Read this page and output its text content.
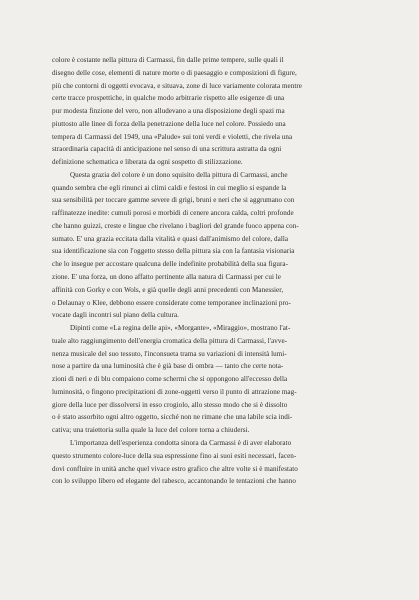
colore è costante nella pittura di Carmassi, fin dalle prime tempere, sulle quali il
disegno delle cose, elementi di nature morte o di paesaggio e composizioni di figure,
più che contorni di oggetti evocava, e situava, zone di luce variamente colorata mentre
certe tracce prospettiche, in qualche modo arbitrarie rispetto alle esigenze di una
pur modesta finzione del vero, non alludevano a una disposizione degli spazi ma
piuttosto alle linee di forza della penetrazione della luce nel colore. Possiedo una
tempera di Carmassi del 1949, una «Palude» sui toni verdi e violetti, che rivela una
straordinaria capacità di anticipazione nel senso di una scrittura astratta da ogni
definizione schematica e liberata da ogni sospetto di stilizzazione.
Questa grazia del colore è un dono squisito della pittura di Carmassi, anche
quando sembra che egli rinunci ai climi caldi e festosi in cui meglio si espande la
sua sensibilità per toccare gamme severe di grigi, bruni e neri che si aggrumano con
raffinatezze inedite: cumuli porosi e morbidi di cenere ancora calda, coltri profonde
che hanno guizzi, creste e lingue che rivelano i bagliori del grande fuoco appena con-
sumato. E' una grazia eccitata dalla vitalità e quasi dall'animismo del colore, dalla
sua identificazione sia con l'oggetto stesso della pittura sia con la fantasia visionaria
che lo insegue per accostare qualcuna delle indefinite probabilità della sua figura-
zione. E' una forza, un dono affatto pertinente alla natura di Carmassi per cui le
affinità con Gorky e con Wols, e già quelle degli anni precedenti con Manessier,
o Delaunay o Klee, debbono essere considerate come temporanee inclinazioni pro-
vocate dagli incontri sul piano della cultura.
Dipinti come «La regina delle api», «Morgante», «Miraggio», mostrano l'at-
tuale alto raggiungimento dell'energia cromatica della pittura di Carmassi, l'avve-
nenza musicale del suo tessuto, l'inconsueta trama su variazioni di intensità lumi-
nose a partire da una luminosità che è già base di ombra — tanto che certe nota-
zioni di neri e di blu compaiono come schermi che si oppongono all'eccesso della
luminosità, o fingono precipitazioni di zone-oggetti verso il punto di attrazione mag-
giore della luce per dissolversi in esso crogiolo, allo stesso modo che si è dissolto
o è stato assorbito ogni altro oggetto, sicché non ne rimane che una labile scia indi-
cativa; una traiettoria sulla quale la luce del colore torna a chiudersi.
L'importanza dell'esperienza condotta sinora da Carmassi è di aver elaborato
questo strumento colore-luce della sua espressione fino ai suoi esiti necessari, facen-
dovi confluire in unità anche quel vivace estro grafico che altre volte si è manifestato
con lo sviluppo libero ed elegante del rabesco, accantonando le tentazioni che hanno
